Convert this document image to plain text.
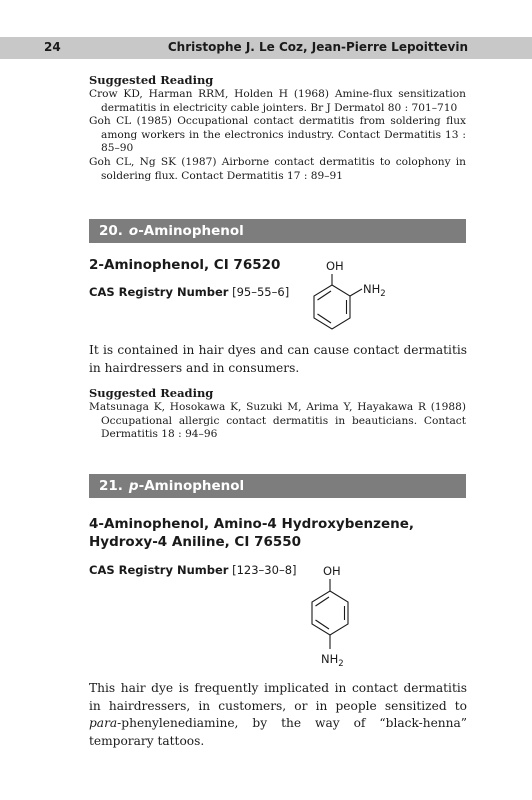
24	Christophe J. Le Coz, Jean-Pierre Lepoittevin
Suggested Reading

Crow KD, Harman RRM, Holden H (1968) Amine-flux sensitization dermatitis in electricity cable jointers. Br J Dermatol 80 : 701–710

Goh CL (1985) Occupational contact dermatitis from soldering flux among workers in the electronics industry. Contact Dermatitis 13 : 85–90

Goh CL, Ng SK (1987) Airborne contact dermatitis to colophony in soldering flux. Contact Dermatitis 17 : 89–91

20. o-Aminophenol
2-Aminophenol, CI 76520
CAS Registry Number [95–55–6]
OH
$NH_2$

It is contained in hair dyes and can cause contact dermatitis in hairdressers and in consumers.

Suggested Reading

Matsunaga K, Hosokawa K, Suzuki M, Arima Y, Hayakawa R (1988) Occupational allergic contact dermatitis in beauticians. Contact Dermatitis 18 : 94–96

21. p-Aminophenol
4-Aminophenol, Amino-4 Hydroxybenzene, Hydroxy-4 Aniline, CI 76550
CAS Registry Number [123–30–8] OH
$NH_2$

This hair dye is frequently implicated in contact dermatitis in hairdressers, in customers, or in people sensitized to para-phenylenediamine, by the way of “black-henna” temporary tattoos.
